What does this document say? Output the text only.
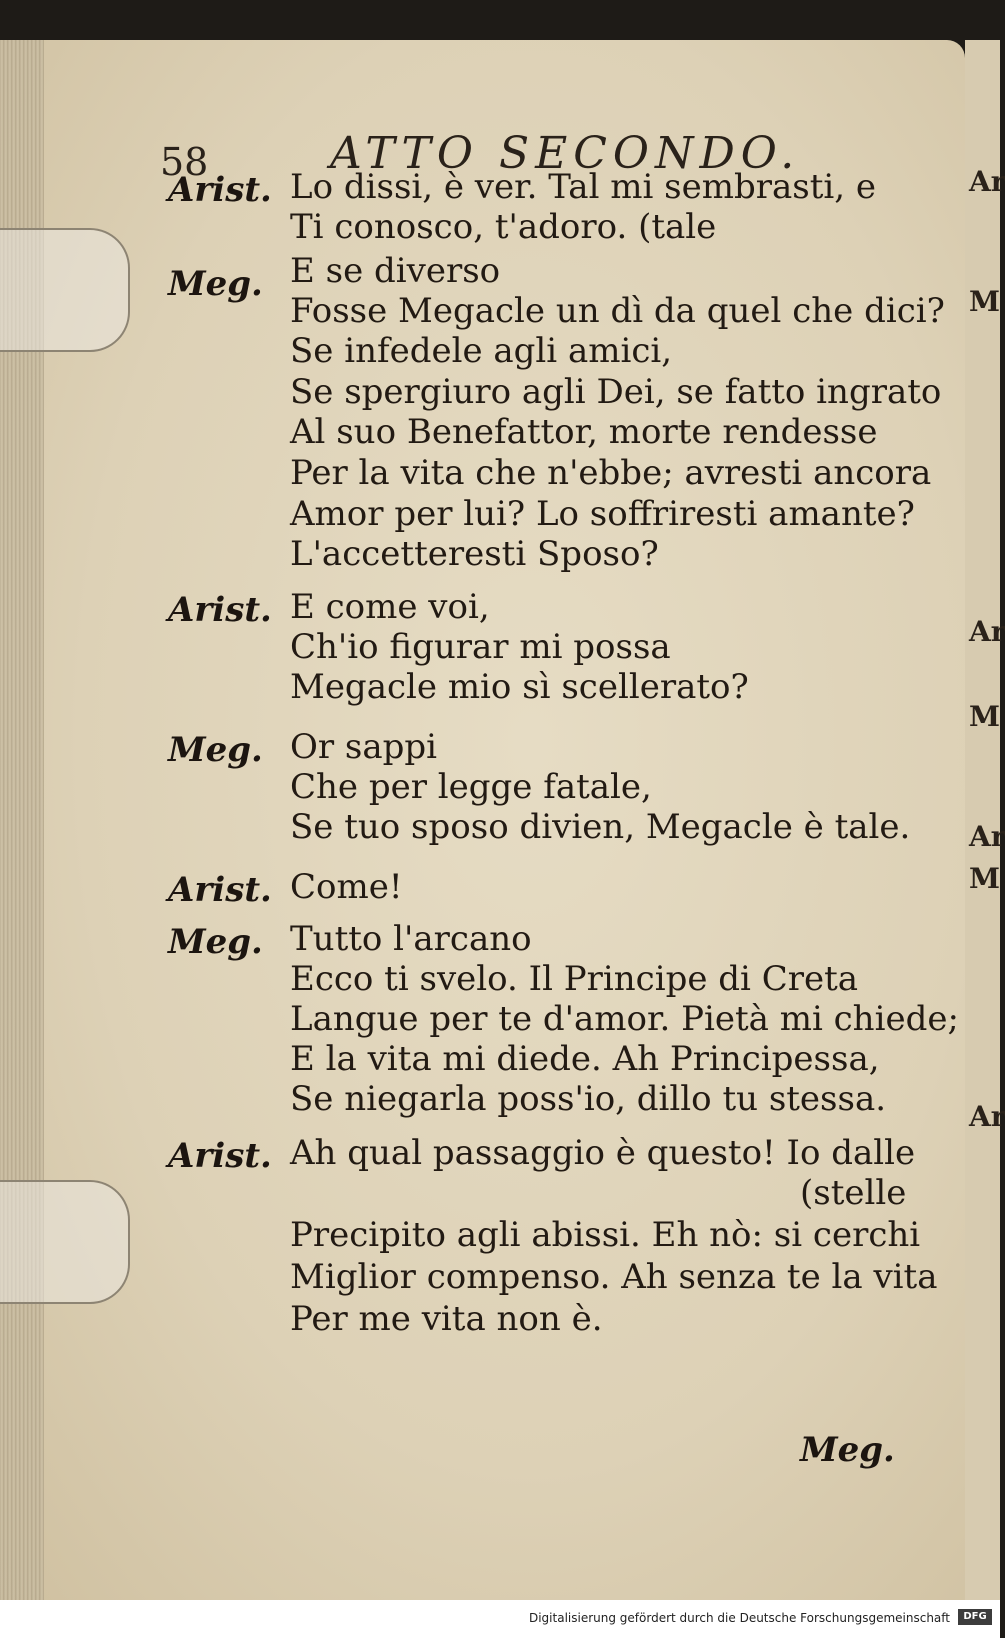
58	ATTO SECONDO.
Arist. Lo dissi, è ver. Tal mi sembrasti, e
Ti conosco, t'adoro. (tale
Meg. E se diverso
Fosse Megacle un dì da quel che dici?
Se infedele agli amici,
Se spergiuro agli Dei, se fatto ingrato
Al suo Benefattor, morte rendesse
Per la vita che n'ebbe; avresti ancora
Amor per lui? Lo soffriresti amante?
L'accetteresti Sposo?
Arist. E come voi,
Ch'io figurar mi possa
Megacle mio sì scellerato?
Meg. Or sappi
Che per legge fatale,
Se tuo sposo divien, Megacle è tale.
Arist. Come!
Meg. Tutto l'arcano
Ecco ti svelo. Il Principe di Creta
Langue per te d'amor. Pietà mi chiede;
E la vita mi diede. Ah Principessa,
Se niegarla poss'io, dillo tu stessa.
Arist. Ah qual passaggio è questo! Io dalle
(stelle
Precipito agli abissi. Eh nò: si cerchi
Miglior compenso. Ah senza te la vita
Per me vita non è.
Meg.
Ar
M
Ar
M
Ar
M
Ar
Digitalisierung gefördert durch die Deutsche Forschungsgemeinschaft	DFG
